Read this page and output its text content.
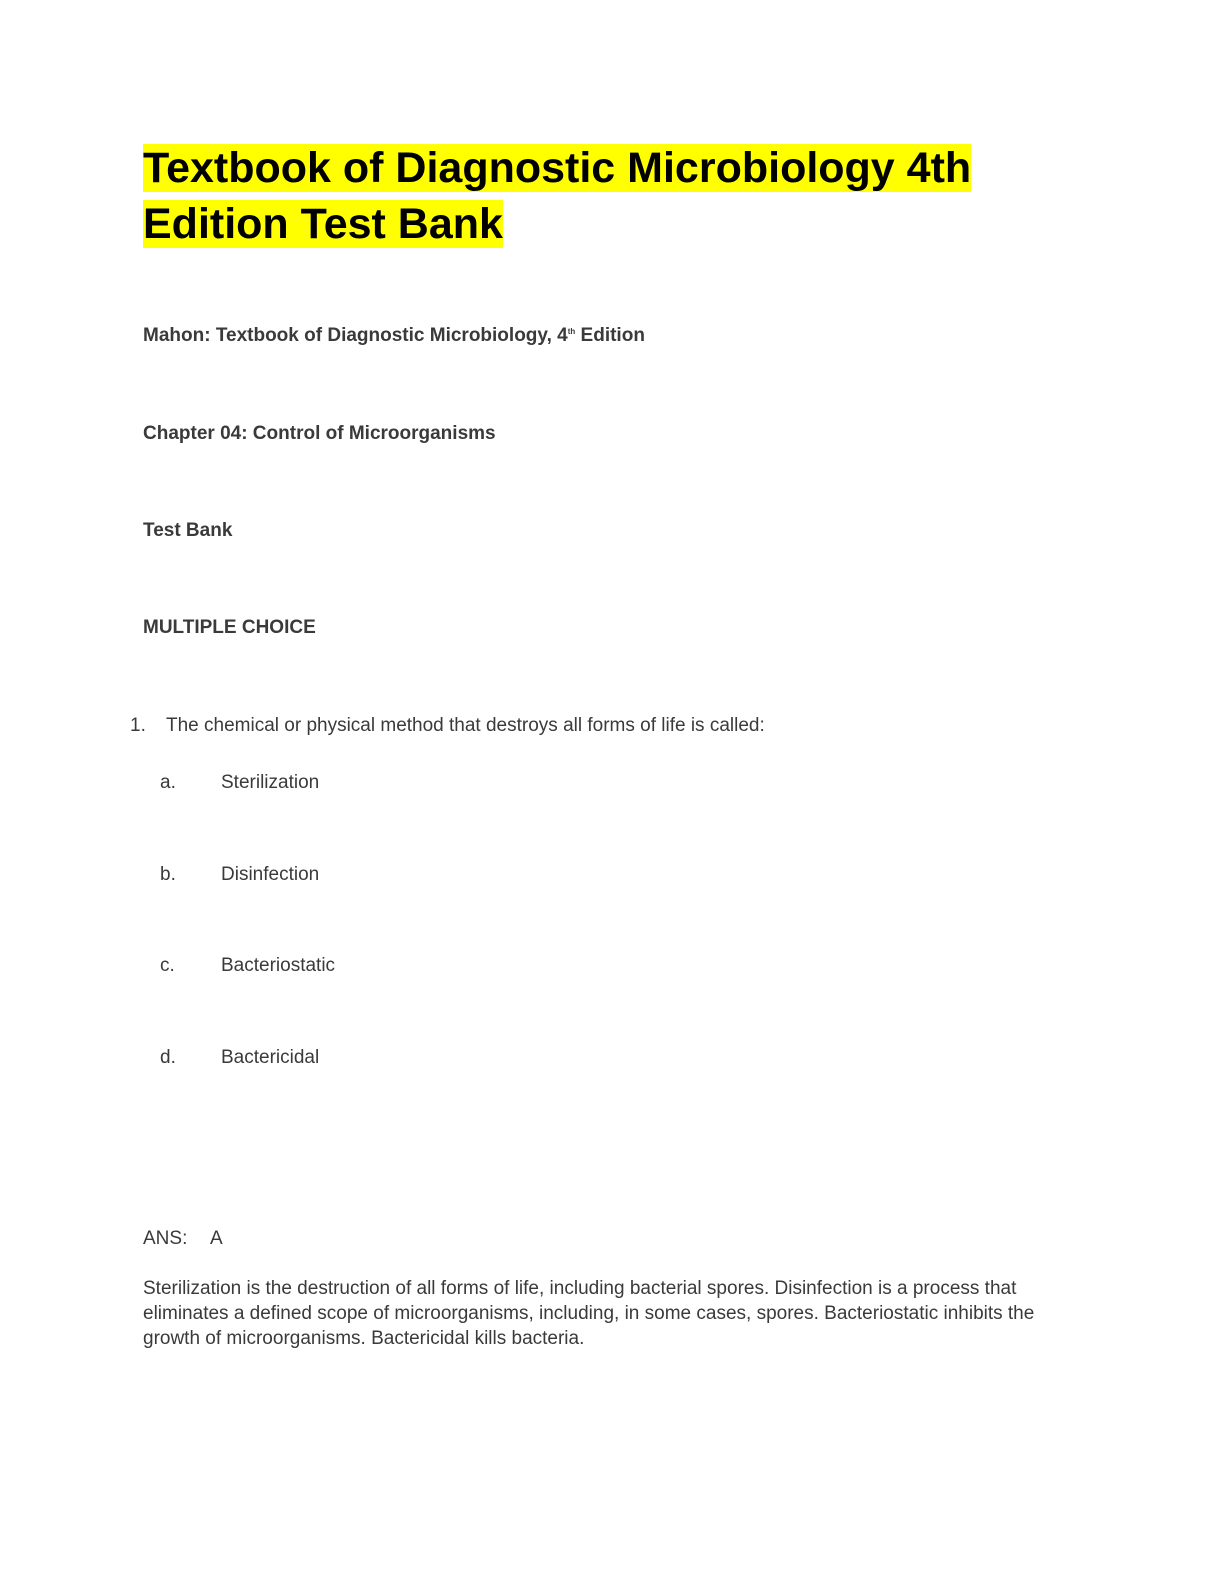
Textbook of Diagnostic Microbiology 4th Edition Test Bank

Mahon: Textbook of Diagnostic Microbiology, 4th Edition

Chapter 04: Control of Microorganisms

Test Bank

MULTIPLE CHOICE

1. The chemical or physical method that destroys all forms of life is called:

a. Sterilization
b. Disinfection
c. Bacteriostatic
d. Bactericidal
ANS: A

Sterilization is the destruction of all forms of life, including bacterial spores. Disinfection is a process that eliminates a defined scope of microorganisms, including, in some cases, spores. Bacteriostatic inhibits the growth of microorganisms. Bactericidal kills bacteria.
